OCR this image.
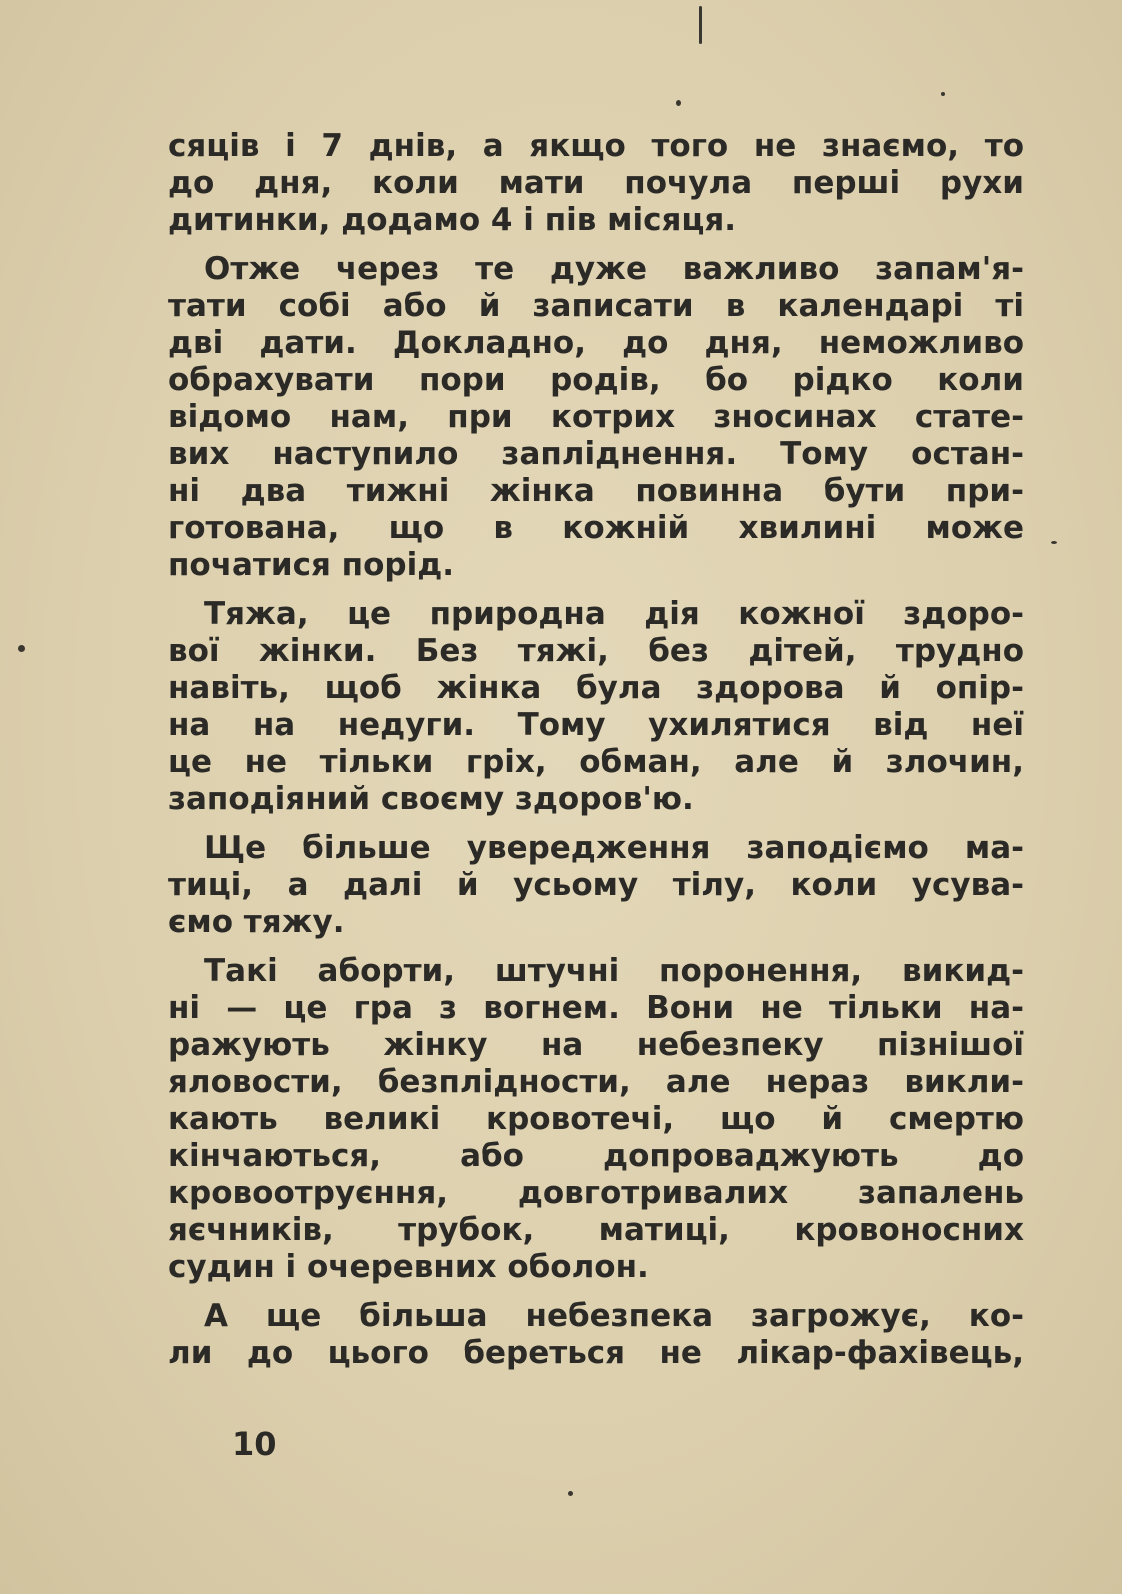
сяців і 7 днів, а якщо того не знаємо, то
до дня, коли мати почула перші рухи
дитинки, додамо 4 і пів місяця.
Отже через те дуже важливо запам'я-
тати собі або й записати в календарі ті
дві дати. Докладно, до дня, неможливо
обрахувати пори родів, бо рідко коли
відомо нам, при котрих зносинах стате-
вих наступило запліднення. Тому остан-
ні два тижні жінка повинна бути при-
готована, що в кожній хвилині може
початися порід.
Тяжа, це природна дія кожної здоро-
вої жінки. Без тяжі, без дітей, трудно
навіть, щоб жінка була здорова й опір-
на на недуги. Тому ухилятися від неї
це не тільки гріх, обман, але й злочин,
заподіяний своєму здоров'ю.
Ще більше увередження заподіємо ма-
тиці, а далі й усьому тілу, коли усува-
ємо тяжу.
Такі аборти, штучні поронення, викид-
ні — це гра з вогнем. Вони не тільки на-
ражують жінку на небезпеку пізнішої
яловости, безплідности, але нераз викли-
кають великі кровотечі, що й смертю
кінчаються, або допроваджують до
кровоотруєння, довготривалих запалень
яєчників, трубок, матиці, кровоносних
судин і очеревних оболон.
А ще більша небезпека загрожує, ко-
ли до цього береться не лікар-фахівець,
10
